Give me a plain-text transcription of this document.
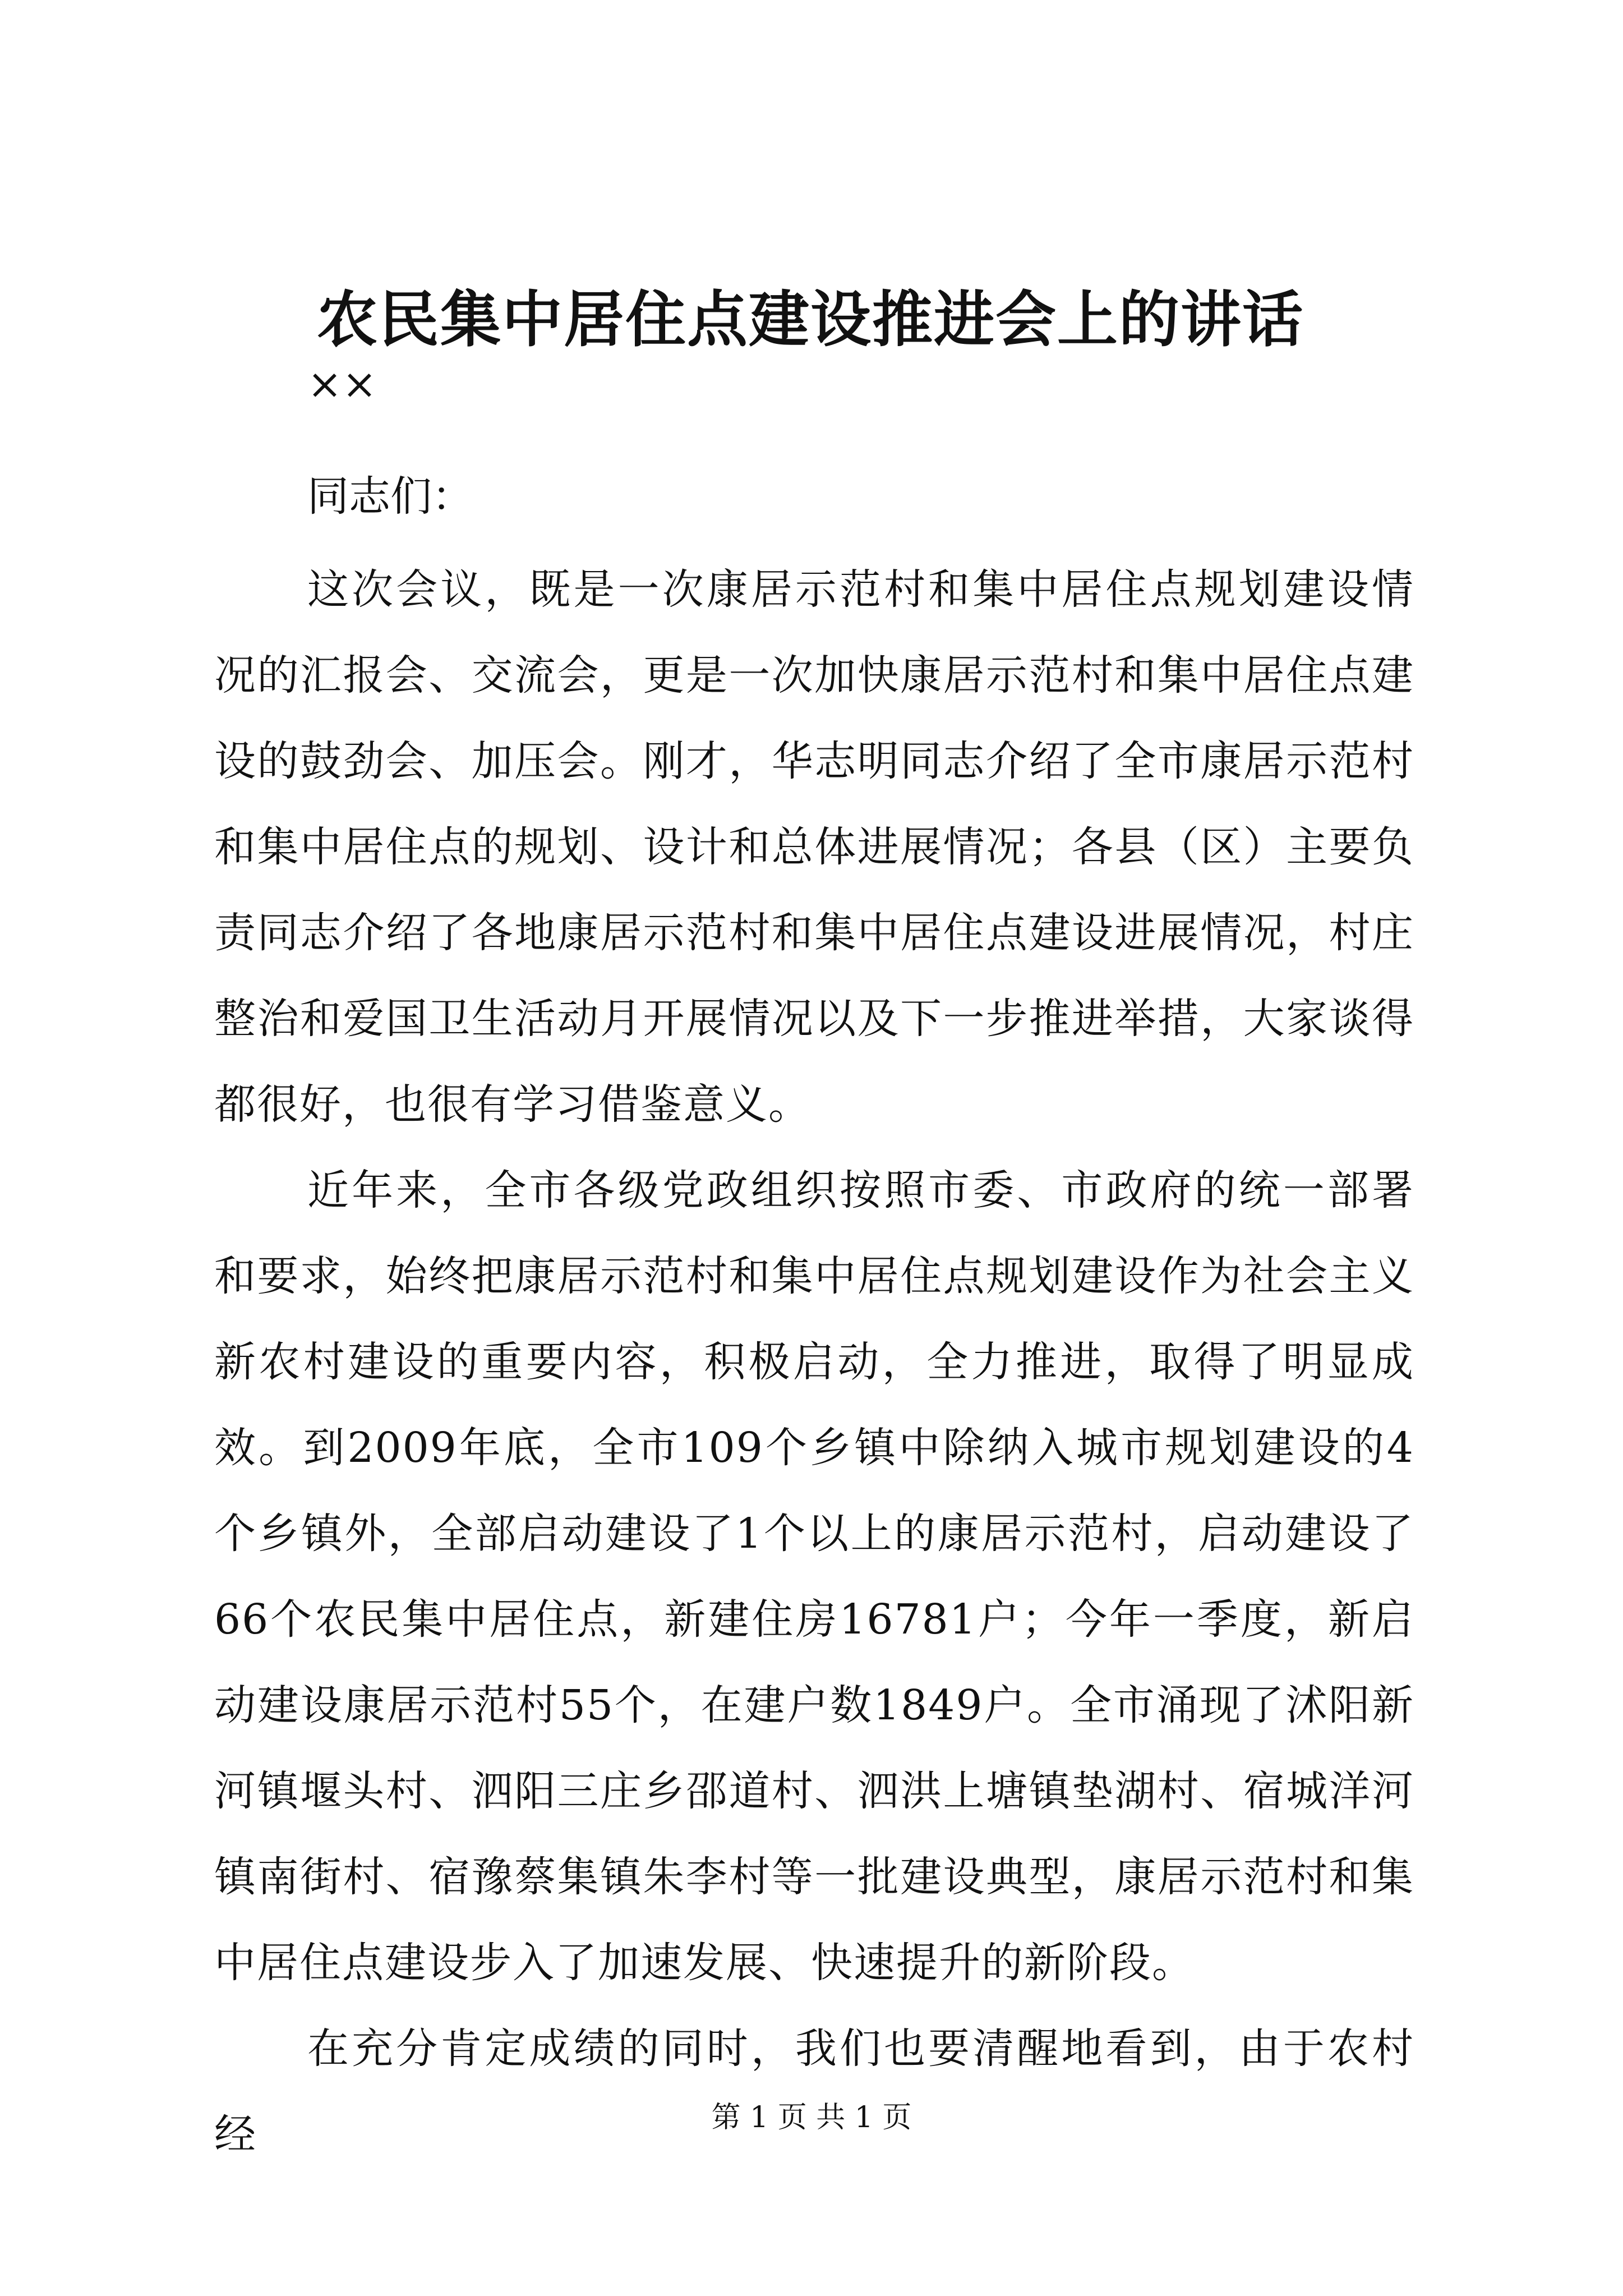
农民集中居住点建设推进会上的讲话
××
同志们：

这次会议，既是一次康居示范村和集中居住点规划建设情况的汇报会、交流会，更是一次加快康居示范村和集中居住点建设的鼓劲会、加压会。刚才，华志明同志介绍了全市康居示范村和集中居住点的规划、设计和总体进展情况；各县（区）主要负责同志介绍了各地康居示范村和集中居住点建设进展情况，村庄整治和爱国卫生活动月开展情况以及下一步推进举措，大家谈得都很好，也很有学习借鉴意义。

近年来，全市各级党政组织按照市委、市政府的统一部署和要求，始终把康居示范村和集中居住点规划建设作为社会主义新农村建设的重要内容，积极启动，全力推进，取得了明显成效。到2009年底，全市109个乡镇中除纳入城市规划建设的4个乡镇外，全部启动建设了1个以上的康居示范村，启动建设了66个农民集中居住点，新建住房16781户；今年一季度，新启动建设康居示范村55个，在建户数1849户。全市涌现了沭阳新河镇堰头村、泗阳三庄乡邵道村、泗洪上塘镇垫湖村、宿城洋河镇南街村、宿豫蔡集镇朱李村等一批建设典型，康居示范村和集中居住点建设步入了加速发展、快速提升的新阶段。

在充分肯定成绩的同时，我们也要清醒地看到，由于农村经	第 1 页 共 1 页
